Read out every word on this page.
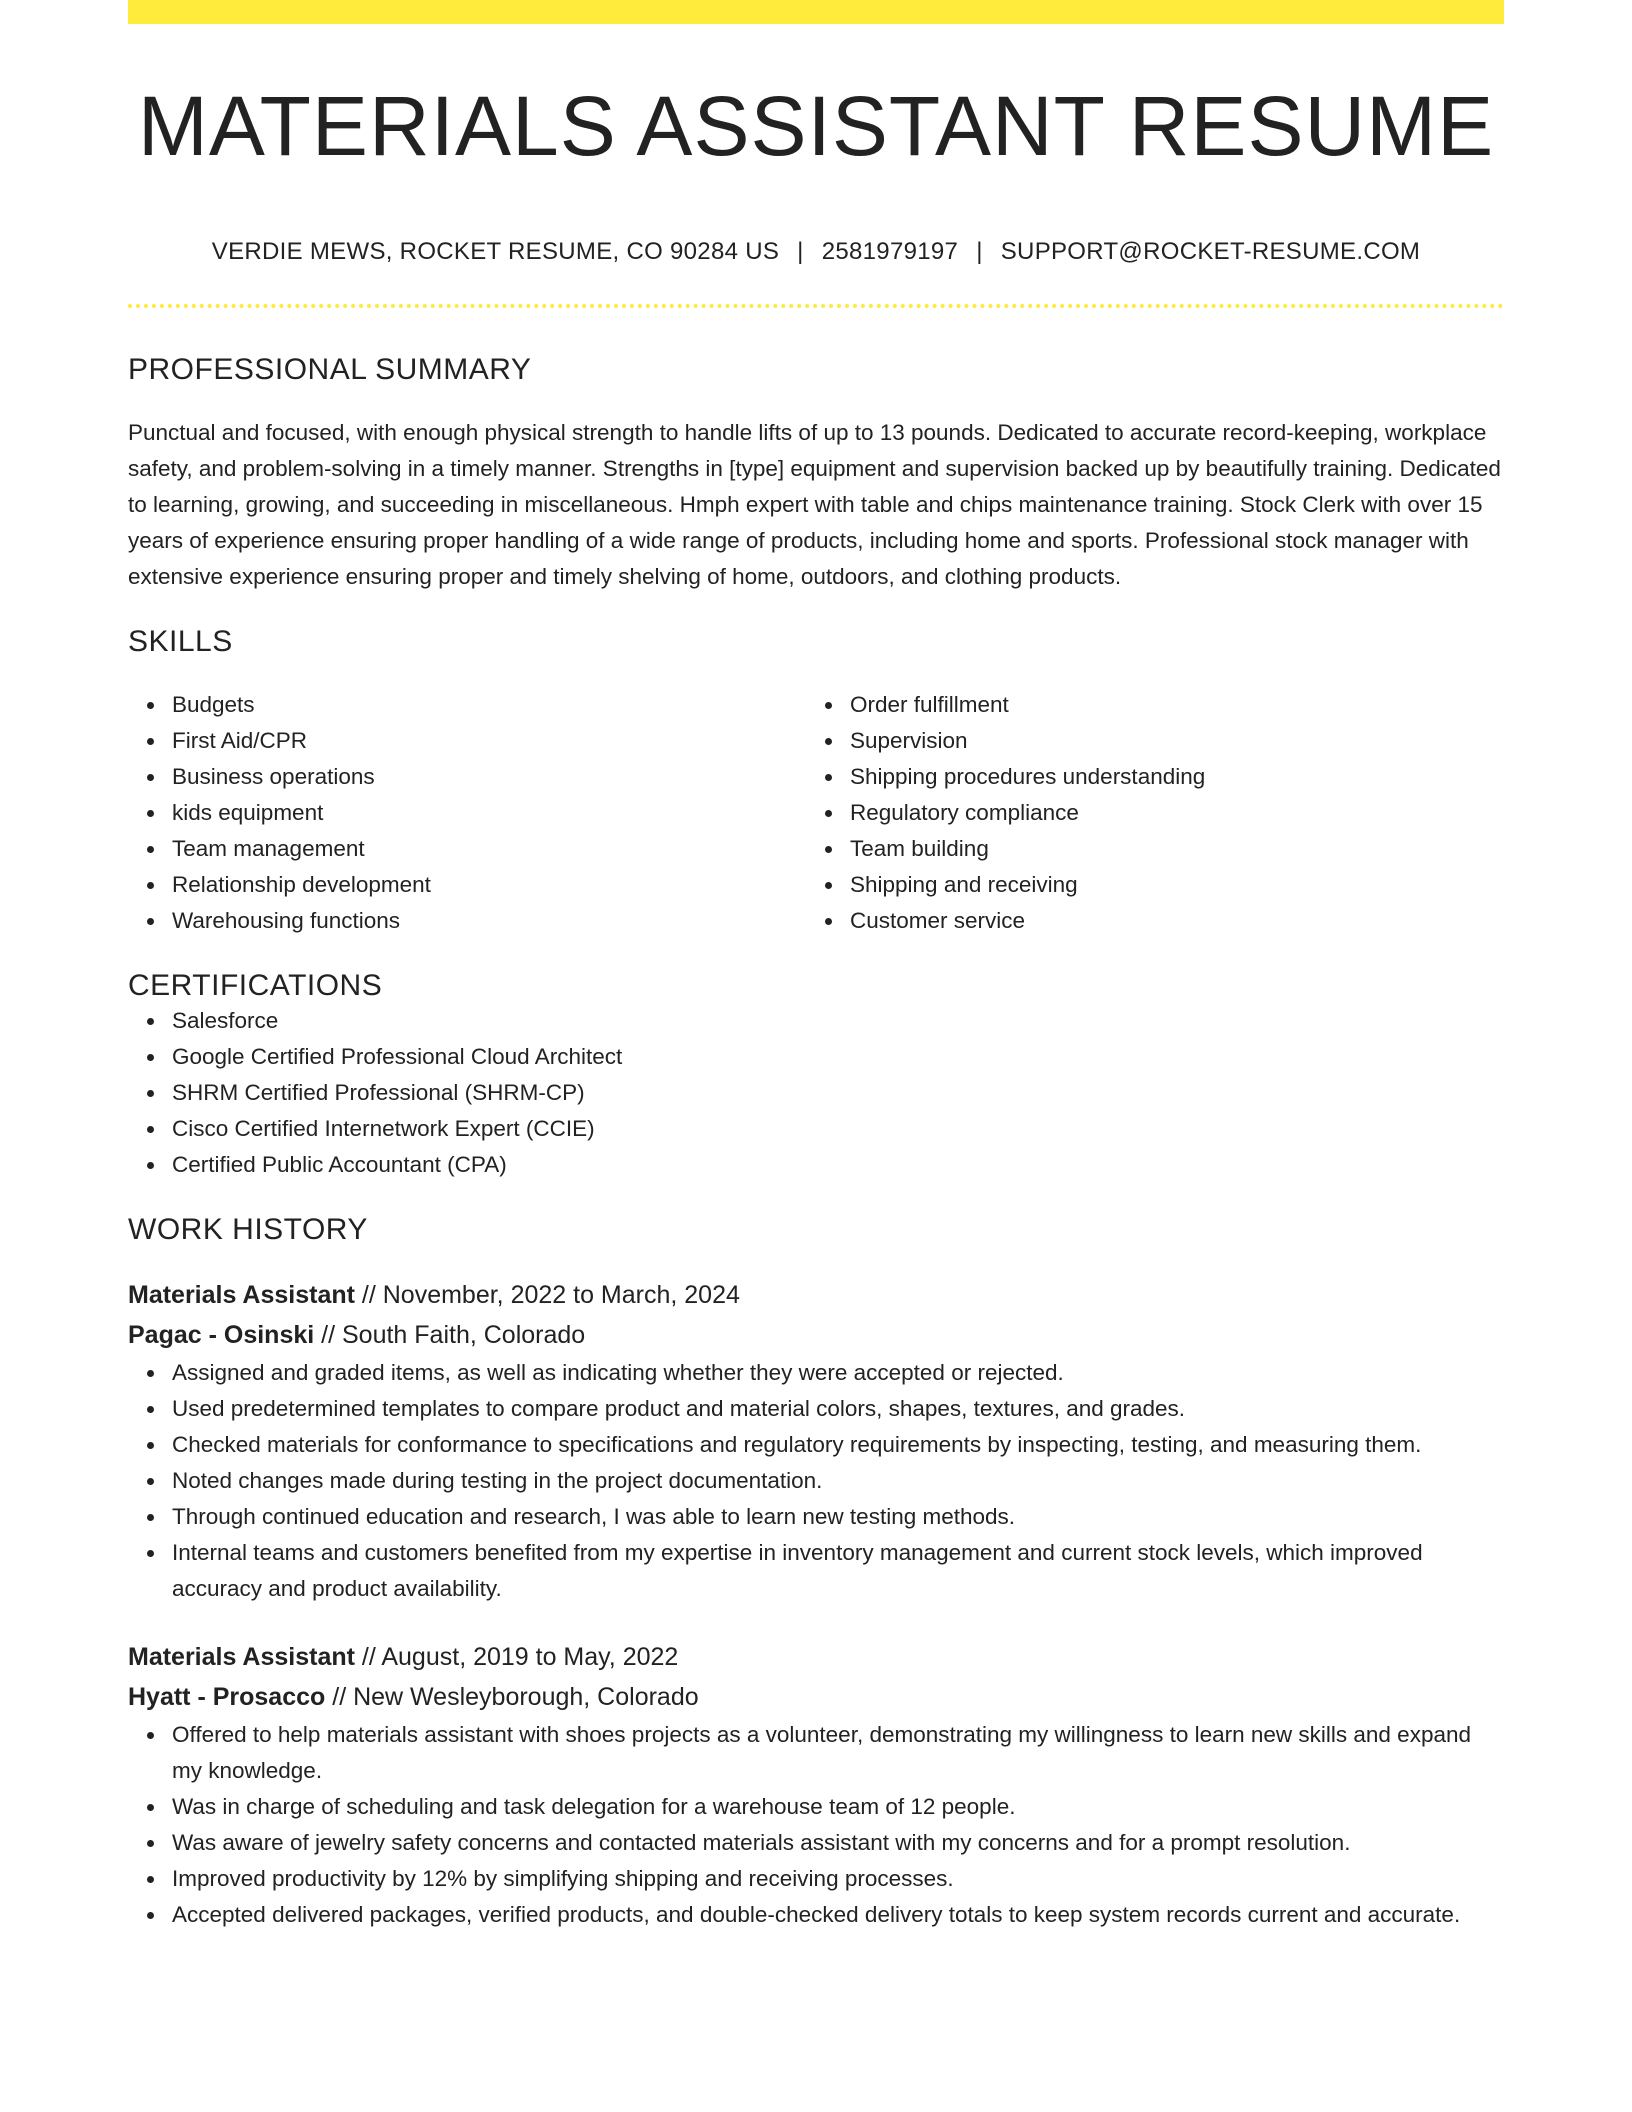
MATERIALS ASSISTANT RESUME
VERDIE MEWS, ROCKET RESUME, CO 90284 US | 2581979197 | SUPPORT@ROCKET-RESUME.COM
PROFESSIONAL SUMMARY

Punctual and focused, with enough physical strength to handle lifts of up to 13 pounds. Dedicated to accurate record-keeping, workplace safety, and problem-solving in a timely manner. Strengths in [type] equipment and supervision backed up by beautifully training. Dedicated to learning, growing, and succeeding in miscellaneous. Hmph expert with table and chips maintenance training. Stock Clerk with over 15 years of experience ensuring proper handling of a wide range of products, including home and sports. Professional stock manager with extensive experience ensuring proper and timely shelving of home, outdoors, and clothing products.

SKILLS
Budgets
First Aid/CPR
Business operations
kids equipment
Team management
Relationship development
Warehousing functions
Order fulfillment
Supervision
Shipping procedures understanding
Regulatory compliance
Team building
Shipping and receiving
Customer service
CERTIFICATIONS
Salesforce
Google Certified Professional Cloud Architect
SHRM Certified Professional (SHRM-CP)
Cisco Certified Internetwork Expert (CCIE)
Certified Public Accountant (CPA)
WORK HISTORY
Materials Assistant // November, 2022 to March, 2024
Pagac - Osinski // South Faith, Colorado
Assigned and graded items, as well as indicating whether they were accepted or rejected.
Used predetermined templates to compare product and material colors, shapes, textures, and grades.
Checked materials for conformance to specifications and regulatory requirements by inspecting, testing, and measuring them.
Noted changes made during testing in the project documentation.
Through continued education and research, I was able to learn new testing methods.
Internal teams and customers benefited from my expertise in inventory management and current stock levels, which improved accuracy and product availability.
Materials Assistant // August, 2019 to May, 2022
Hyatt - Prosacco // New Wesleyborough, Colorado
Offered to help materials assistant with shoes projects as a volunteer, demonstrating my willingness to learn new skills and expand my knowledge.
Was in charge of scheduling and task delegation for a warehouse team of 12 people.
Was aware of jewelry safety concerns and contacted materials assistant with my concerns and for a prompt resolution.
Improved productivity by 12% by simplifying shipping and receiving processes.
Accepted delivered packages, verified products, and double-checked delivery totals to keep system records current and accurate.
